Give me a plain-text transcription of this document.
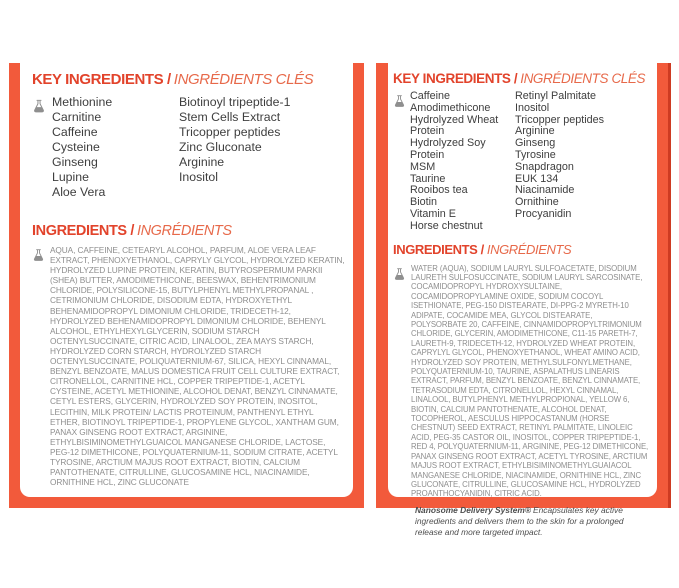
KEY INGREDIENTS / INGRÉDIENTS CLÉS
Methionine
Carnitine
Caffeine
Cysteine
Ginseng
Lupine
Aloe Vera
Biotinoyl tripeptide-1
Stem Cells Extract
Tricopper peptides
Zinc Gluconate
Arginine
Inositol
INGREDIENTS / INGRÉDIENTS
AQUA, CAFFEINE, CETEARYL ALCOHOL, PARFUM, ALOE VERA LEAF EXTRACT, PHENOXYETHANOL, CAPRYLY GLYCOL, HYDROLYZED KERATIN, HYDROLYZED LUPINE PROTEIN, KERATIN, BUTYROSPERMUM PARKII (SHEA) BUTTER, AMODIMETHICONE, BEESWAX, BEHENTRIMONIUM CHLORIDE, POLYSILICONE-15, BUTYLPHENYL METHYLPROPANAL , CETRIMONIUM CHLORIDE, DISODIUM EDTA, HYDROXYETHYL BEHENAMIDOPROPYL DIMONIUM CHLORIDE, TRIDECETH-12, HYDROLYZED BEHENAMIDOPROPYL DIMONIUM CHLORIDE, BEHENYL ALCOHOL, ETHYLHEXYLGLYCERIN, SODIUM STARCH OCTENYLSUCCINATE, CITRIC ACID, LINALOOL, ZEA MAYS STARCH, HYDROLYZED CORN STARCH, HYDROLYZED STARCH OCTENYLSUCCINATE, POLIQUATERNIUM-67, SILICA, HEXYL CINNAMAL, BENZYL BENZOATE, MALUS DOMESTICA FRUIT CELL CULTURE EXTRACT, CITRONELLOL, CARNITINE HCL, COPPER TRIPEPTIDE-1, ACETYL CYSTEINE, ACETYL METHIONINE, ALCOHOL DENAT, BENZYL CINNAMATE, CETYL ESTERS, GLYCERIN, HYDROLYZED SOY PROTEIN, INOSITOL, LECITHIN, MILK PROTEIN/ LACTIS PROTEINUM, PANTHENYL ETHYL ETHER, BIOTINOYL TRIPEPTIDE-1, PROPYLENE GLYCOL, XANTHAM GUM, PANAX GINSENG ROOT EXTRACT, ARGININE, ETHYLBISIMINOMETHYLGUAICOL MANGANESE CHLORIDE, LACTOSE, PEG-12 DIMETHICONE, POLYQUATERNIUM-11, SODIUM CITRATE, ACETYL TYROSINE, ARCTIUM MAJUS ROOT EXTRACT, BIOTIN, CALCIUM PANTOTHENATE, CITRULLINE, GLUCOSAMINE HCL, NIACINAMIDE, ORNITHINE HCL, ZINC GLUCONATE
KEY INGREDIENTS / INGRÉDIENTS CLÉS
Caffeine
Amodimethicone
Hydrolyzed Wheat Protein
Hydrolyzed Soy Protein
MSM
Taurine
Rooibos tea
Biotin
Vitamin E
Horse chestnut
Retinyl Palmitate
Inositol
Tricopper peptides
Arginine
Ginseng
Tyrosine
Snapdragon
EUK 134
Niacinamide
Ornithine
Procyanidin
INGREDIENTS / INGRÉDIENTS
WATER (AQUA), SODIUM LAURYL SULFOACETATE, DISODIUM LAURETH SULFOSUCCINATE, SODIUM LAURYL SARCOSINATE, COCAMIDOPROPYL HYDROXYSULTAINE, COCAMIDOPROPYLAMINE OXIDE, SODIUM COCOYL ISETHIONATE, PEG-150 DISTEARATE, DI-PPG-2 MYRETH-10 ADIPATE, COCAMIDE MEA, GLYCOL DISTEARATE, POLYSORBATE 20, CAFFEINE, CINNAMIDOPROPYLTRIMONIUM CHLORIDE, GLYCERIN, AMODIMETHICONE, C11-15 PARETH-7, LAURETH-9, TRIDECETH-12, HYDROLYZED WHEAT PROTEIN, CAPRYLYL GLYCOL, PHENOXYETHANOL, WHEAT AMINO ACID, HYDROLYZED SOY PROTEIN, METHYLSULFONYLMETHANE, POLYQUATERNIUM-10, TAURINE, ASPALATHUS LINEARIS EXTRACT, PARFUM, BENZYL BENZOATE, BENZYL CINNAMATE, TETRASODIUM EDTA, CITRONELLOL, HEXYL CINNAMAL, LINALOOL, BUTYLPHENYL METHYLPROPIONAL, YELLOW 6, BIOTIN, CALCIUM PANTOTHENATE, ALCOHOL DENAT, TOCOPHEROL, AESCULUS HIPPOCASTANUM (HORSE CHESTNUT) SEED EXTRACT, RETINYL PALMITATE, LINOLEIC ACID, PEG-35 CASTOR OIL, INOSITOL, COPPER TRIPEPTIDE-1, RED 4, POLYQUATERNIUM-11, ARGININE, PEG-12 DIMETHICONE, PANAX GINSENG ROOT EXTRACT, ACETYL TYROSINE, ARCTIUM MAJUS ROOT EXTRACT, ETHYLBISIMINOMETHYLGUAIACOL MANGANESE CHLORIDE, NIACINAMIDE, ORNITHINE HCL, ZINC GLUCONATE, CITRULLINE, GLUCOSAMINE HCL, HYDROLYZED PROANTHOCYANIDIN, CITRIC ACID.
Nanosome Delivery System® Encapsulates key active ingredients and delivers them to the skin for a prolonged release and more targeted impact.
